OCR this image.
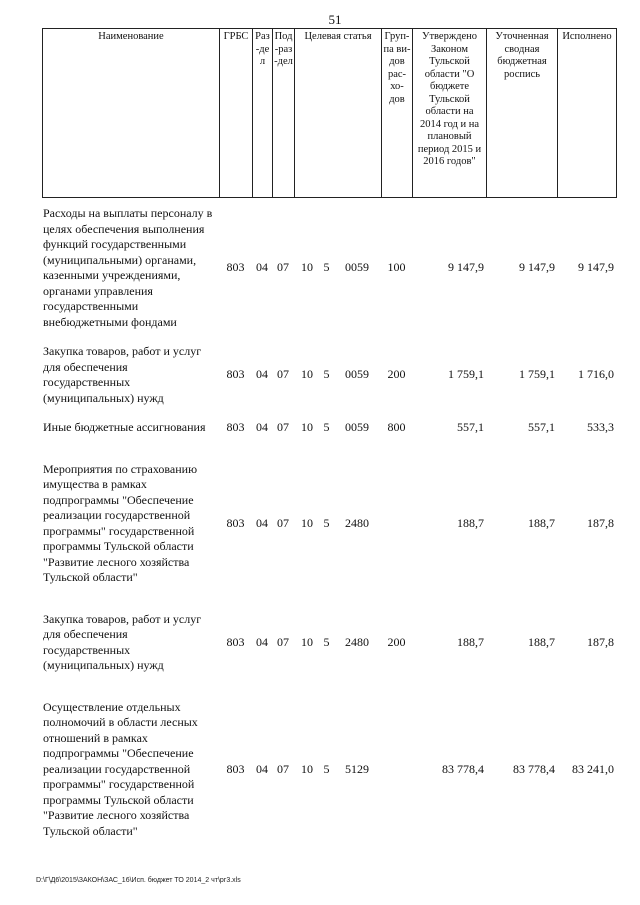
51
Наименование	ГРБС	Раз-дел	Под-раз-дел	Целевая статья	Груп-па ви-дов рас-хо-дов	Утверждено Законом Тульской области "О бюджете Тульской области на 2014 год и на плановый период 2015 и 2016 годов"	Уточненная сводная бюджетная роспись	Исполнено
Расходы на выплаты персоналу в целях обеспечения выполнения функций государственными (муниципальными) органами, казенными учреждениями, органами управления государственными внебюджетными фондами	803	04	07	10	5	0059	100	9 147,9	9 147,9	9 147,9

Закупка товаров, работ и услуг для обеспечения государственных (муниципальных) нужд	803	04	07	10	5	0059	200	1 759,1	1 759,1	1 716,0

Иные бюджетные ассигнования	803	04	07	10	5	0059	800	557,1	557,1	533,3

Мероприятия по страхованию имущества в рамках подпрограммы "Обеспечение реализации государственной программы" государственной программы Тульской области "Развитие лесного хозяйства Тульской области"	803	04	07	10	5	2480		188,7	188,7	187,8

Закупка товаров, работ и услуг для обеспечения государственных (муниципальных) нужд	803	04	07	10	5	2480	200	188,7	188,7	187,8

Осуществление отдельных полномочий в области лесных отношений в рамках подпрограммы "Обеспечение реализации государственной программы" государственной программы Тульской области "Развитие лесного хозяйства Тульской области"	803	04	07	10	5	5129		83 778,4	83 778,4	83 241,0
D:\Г\Д6\2015\ЗАКОН\ЗАС_16\Исп. бюджет ТО 2014_2 чт\рг3.xls
